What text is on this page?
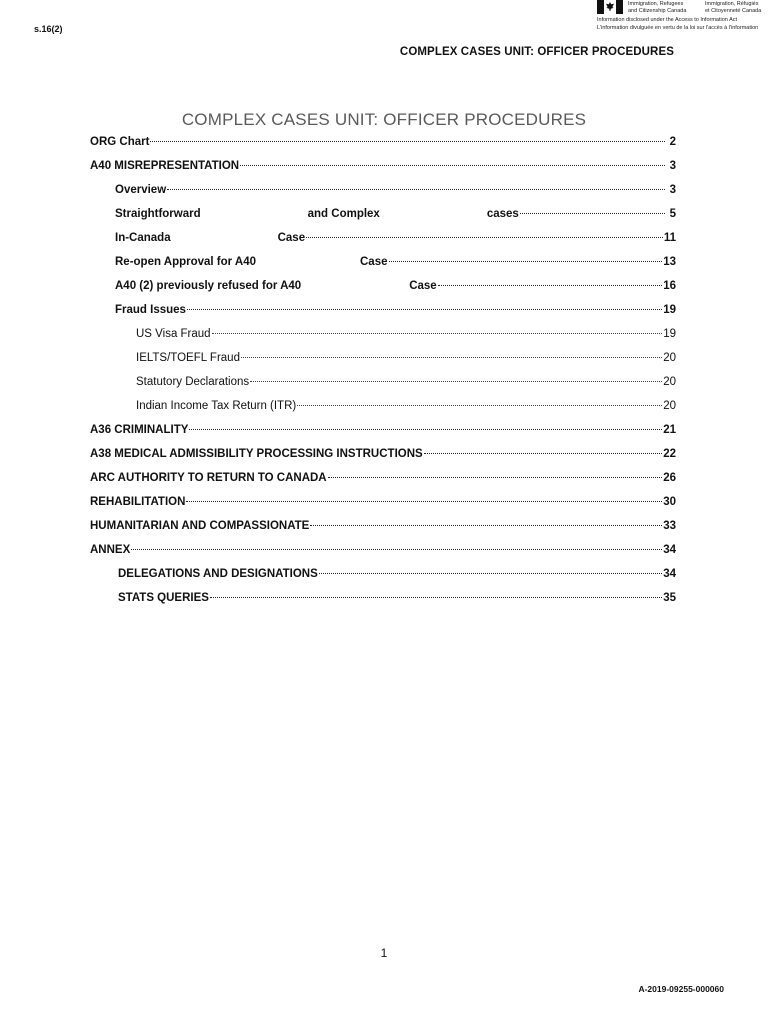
s.16(2)
Immigration, Refugees
and Citizenship Canada
Immigration, Réfugiés
et Citoyenneté Canada
Information disclosed under the Access to Information Act
L'information divulguée en vertu de la loi sur l'accès à l'information
COMPLEX CASES UNIT: OFFICER PROCEDURES
COMPLEX CASES UNIT: OFFICER PROCEDURES
ORG Chart	2
A40 MISREPRESENTATION	3
Overview	3
Straightforward	and Complex	cases	5
In-Canada	Case	11
Re-open Approval for A40	Case	13
A40 (2) previously refused for A40	Case	16
Fraud Issues	19
US Visa Fraud	19
IELTS/TOEFL Fraud	20
Statutory Declarations	20
Indian Income Tax Return (ITR)	20
A36 CRIMINALITY	21
A38 MEDICAL ADMISSIBILITY PROCESSING INSTRUCTIONS	22
ARC AUTHORITY TO RETURN TO CANADA	26
REHABILITATION	30
HUMANITARIAN AND COMPASSIONATE	33
ANNEX	34
DELEGATIONS AND DESIGNATIONS	34
STATS QUERIES	35
1
A-2019-09255-000060
